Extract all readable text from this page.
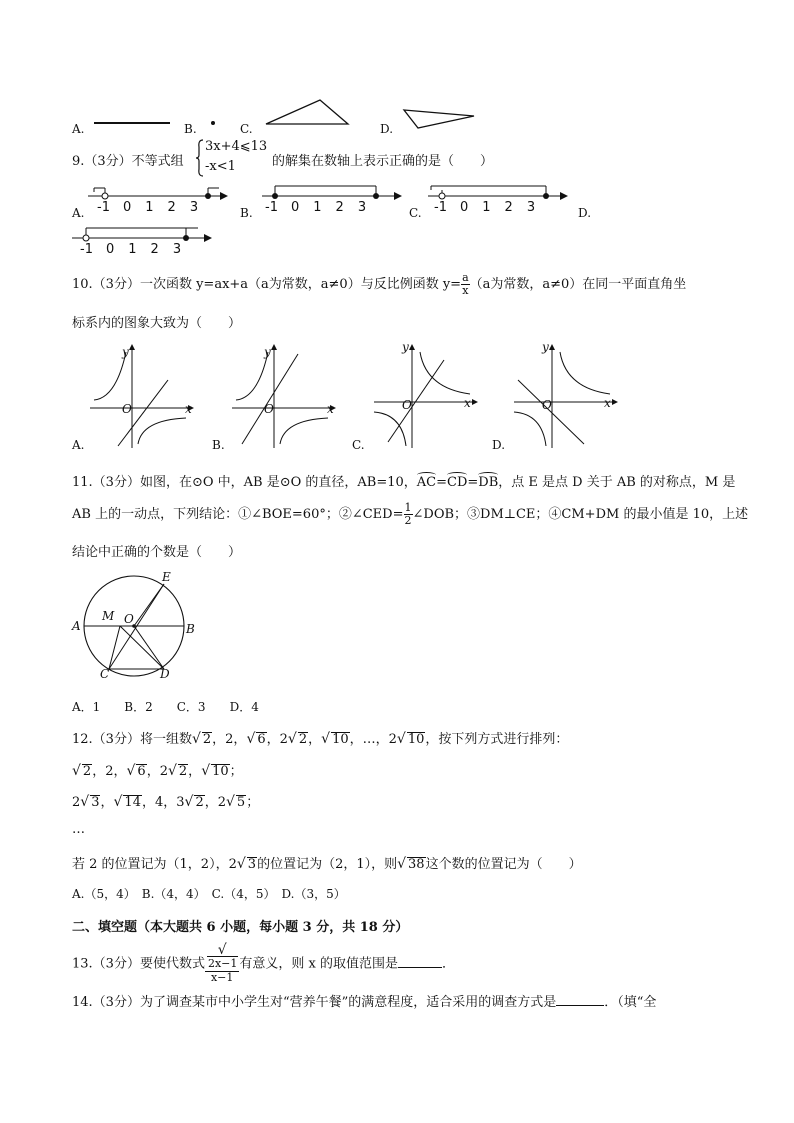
A.	B.	C.	D.
9.（3分）不等式组
3x+4⩽13
-x<1	的解集在数轴上表示正确的是（　　）
A. -1 0 1 2 3	B. -1 0 1 2 3	C. -1 0 1 2 3	D.
-1 0 1 2 3
10.（3分）一次函数 y=ax+a（a为常数，a≠0）与反比例函数 $y= \frac{a}{x} (a$为常数，a≠0）在同一平面直角坐
标系内的图象大致为（　　）
y
x
O
A.
y
x
O
B.
y
x
O
C.
y
x
O
D.
11.（3分）如图，在⊙O 中，AB 是⊙O 的直径，AB=10，AC=CD=DB，点 E 是点 D 关于 AB 的对称点，M 是
AB 上的一动点，下列结论：①∠BOE=60°；②∠CED= $\frac{1}{2}$ ∠DOB；③DM⊥CE；④CM+DM 的最小值是 10，上述
结论中正确的个数是（　　）
A	B
C	D
E
M O
A．1　　B．2　　C．3　　D．4
12.（3分）将一组数√ 2，2，√ 6，2√ 2，√ 10，…，2√ 10，按下列方式进行排列：
√ 2，2，√ 6，2√ 2，√ 10；
2√ 3，√ 14，4，3√ 2，2√ 5；
…
若 2 的位置记为（1，2），2√ 3的位置记为（2，1），则√ 38这个数的位置记为（　　）
A.（5，4）　B.（4，4）　C.（4，5）　D.（3，5）
二、填空题（本大题共 6 小题，每小题 3 分，共 18 分）
13.（3分）要使代数式 √
2x−1
x−1 有意义，则 x 的取值范围是	．
14.（3分）为了调查某市中小学生对“营养午餐”的满意程度，适合采用的调查方式是	．（填“全
